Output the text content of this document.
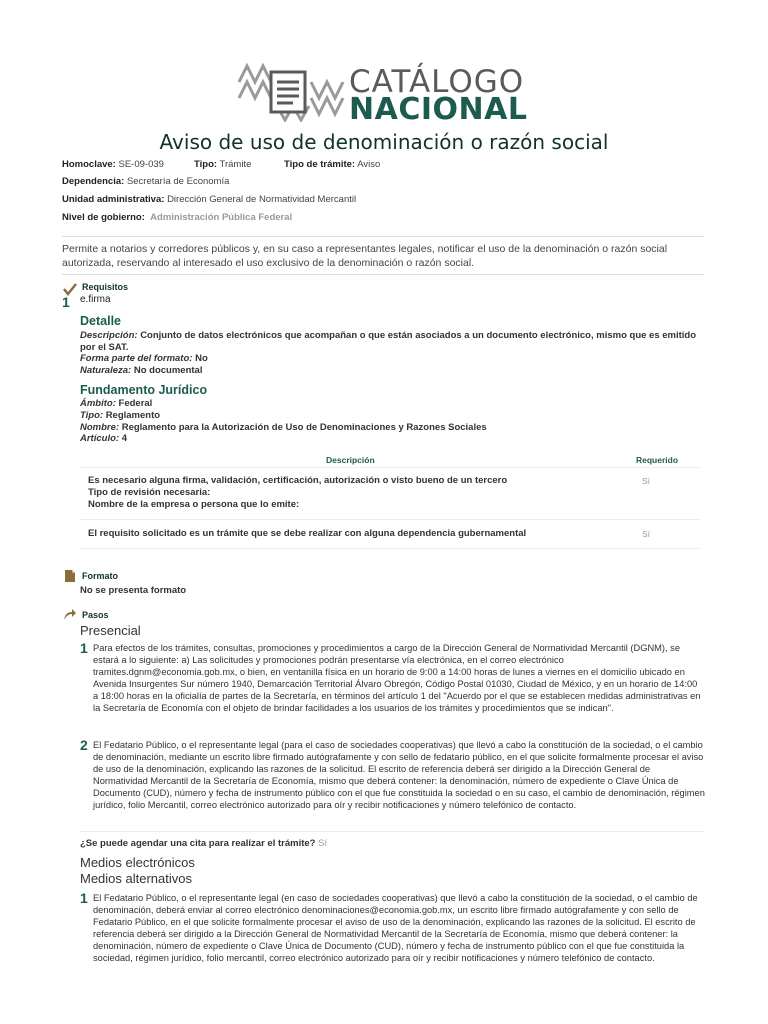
CATÁLOGO
NACIONAL
Aviso de uso de denominación o razón social
Homoclave: SE-09-039	Tipo: Trámite	Tipo de trámite: Aviso
Dependencia: Secretaría de Economía
Unidad administrativa: Dirección General de Normatividad Mercantil
Nivel de gobierno: Administración Pública Federal
Permite a notarios y corredores públicos y, en su caso a representantes legales, notificar el uso de la denominación o razón social autorizada, reservando al interesado el uso exclusivo de la denominación o razón social.
Requisitos
1 e.firma
Detalle
Descripción: Conjunto de datos electrónicos que acompañan o que están asociados a un documento electrónico, mismo que es emitido por el SAT.
Forma parte del formato: No
Naturaleza: No documental
Fundamento Jurídico
Ámbito: Federal
Tipo: Reglamento
Nombre: Reglamento para la Autorización de Uso de Denominaciones y Razones Sociales
Artículo: 4
Descripción	Requerido
Es necesario alguna firma, validación, certificación, autorización o visto bueno de un tercero
Tipo de revisión necesaria:
Nombre de la empresa o persona que lo emite:
Sí
El requisito solicitado es un trámite que se debe realizar con alguna dependencia gubernamental	Sí
Formato
No se presenta formato
Pasos
Presencial
1 Para efectos de los trámites, consultas, promociones y procedimientos a cargo de la Dirección General de Normatividad Mercantil (DGNM), se estará a lo siguiente: a) Las solicitudes y promociones podrán presentarse vía electrónica, en el correo electrónico tramites.dgnm@economia.gob.mx, o bien, en ventanilla física en un horario de 9:00 a 14:00 horas de lunes a viernes en el domicilio ubicado en Avenida Insurgentes Sur número 1940, Demarcación Territorial Álvaro Obregón, Código Postal 01030, Ciudad de México, y en un horario de 14:00 a 18:00 horas en la oficialía de partes de la Secretaría, en términos del artículo 1 del "Acuerdo por el que se establecen medidas administrativas en la Secretaría de Economía con el objeto de brindar facilidades a los usuarios de los trámites y procedimientos que se indican".
2 El Fedatario Público, o el representante legal (para el caso de sociedades cooperativas) que llevó a cabo la constitución de la sociedad, o el cambio de denominación, mediante un escrito libre firmado autógrafamente y con sello de fedatario público, en el que solicite formalmente procesar el aviso de uso de la denominación, explicando las razones de la solicitud. El escrito de referencia deberá ser dirigido a la Dirección General de Normatividad Mercantil de la Secretaría de Economía, mismo que deberá contener: la denominación, número de expediente o Clave Única de Documento (CUD), número y fecha de instrumento público con el que fue constituida la sociedad o en su caso, el cambio de denominación, régimen jurídico, folio Mercantil, correo electrónico autorizado para oír y recibir notificaciones y número telefónico de contacto.
¿Se puede agendar una cita para realizar el trámite? Sí
Medios electrónicos
Medios alternativos
1 El Fedatario Público, o el representante legal (en caso de sociedades cooperativas) que llevó a cabo la constitución de la sociedad, o el cambio de denominación, deberá enviar al correo electrónico denominaciones@economia.gob.mx, un escrito libre firmado autógrafamente y con sello de Fedatario Público, en el que solicite formalmente procesar el aviso de uso de la denominación, explicando las razones de la solicitud. El escrito de referencia deberá ser dirigido a la Dirección General de Normatividad Mercantil de la Secretaría de Economía, mismo que deberá contener: la denominación, número de expediente o Clave Única de Documento (CUD), número y fecha de instrumento público con el que fue constituida la sociedad, régimen jurídico, folio mercantil, correo electrónico autorizado para oír y recibir notificaciones y número telefónico de contacto.
